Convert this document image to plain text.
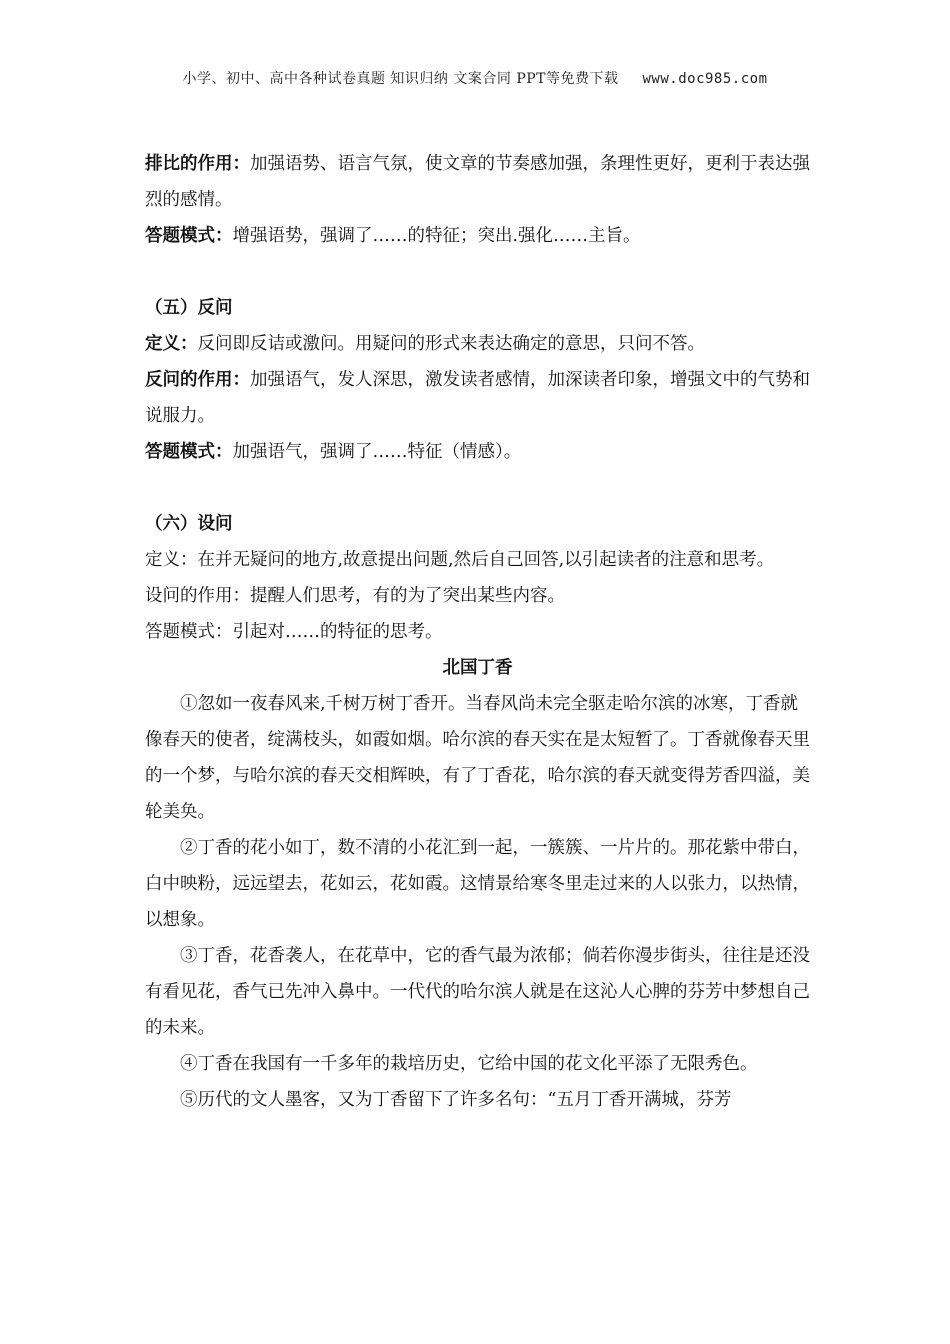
小学、初中、高中各种试卷真题 知识归纳 文案合同 PPT等免费下载 www.doc985.com

排比的作用：加强语势、语言气氛，使文章的节奏感加强，条理性更好，更利于表达强烈的感情。

答题模式：增强语势，强调了……的特征；突出.强化……主旨。

（五）反问

定义：反问即反诘或激问。用疑问的形式来表达确定的意思，只问不答。

反问的作用：加强语气，发人深思，激发读者感情，加深读者印象，增强文中的气势和说服力。

答题模式：加强语气，强调了……特征（情感）。

（六）设问

定义：在并无疑问的地方,故意提出问题,然后自己回答,以引起读者的注意和思考。

设问的作用：提醒人们思考，有的为了突出某些内容。

答题模式：引起对……的特征的思考。

北国丁香

①忽如一夜春风来,千树万树丁香开。当春风尚未完全驱走哈尔滨的冰寒，丁香就像春天的使者，绽满枝头，如霞如烟。哈尔滨的春天实在是太短暂了。丁香就像春天里的一个梦，与哈尔滨的春天交相辉映，有了丁香花，哈尔滨的春天就变得芳香四溢，美轮美奂。

②丁香的花小如丁，数不清的小花汇到一起，一簇簇、一片片的。那花紫中带白，白中映粉，远远望去，花如云，花如霞。这情景给寒冬里走过来的人以张力，以热情，以想象。

③丁香，花香袭人，在花草中，它的香气最为浓郁；倘若你漫步街头，往往是还没有看见花，香气已先冲入鼻中。一代代的哈尔滨人就是在这沁人心脾的芬芳中梦想自己的未来。

④丁香在我国有一千多年的栽培历史，它给中国的花文化平添了无限秀色。

⑤历代的文人墨客，又为丁香留下了许多名句：“五月丁香开满城，芬芳
